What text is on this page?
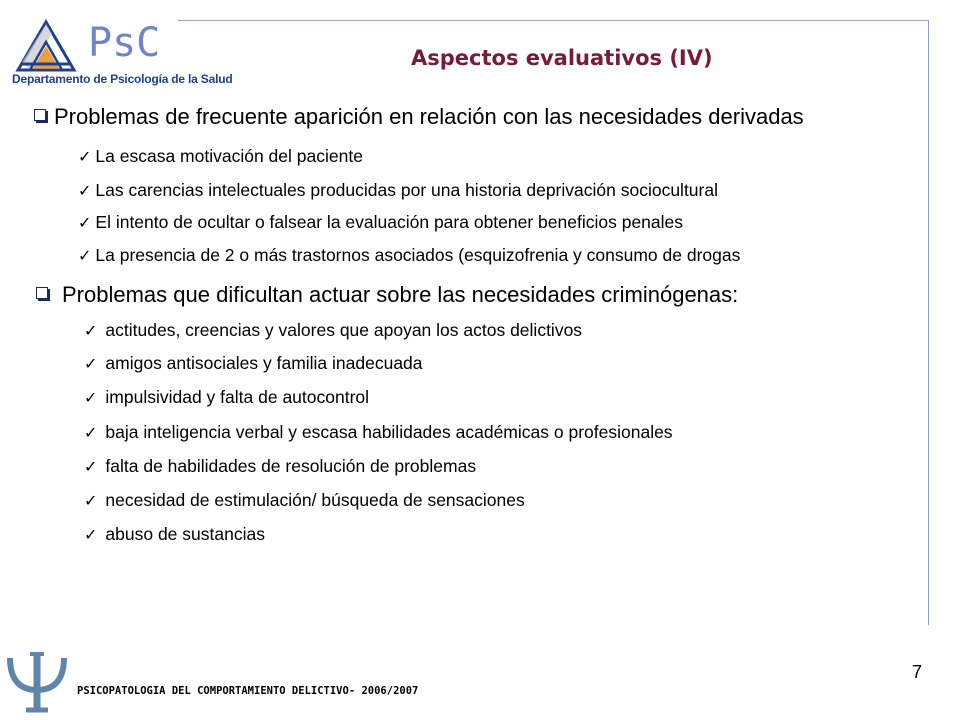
PsC
Departamento de Psicología de la Salud
Aspectos evaluativos (IV)
Problemas de frecuente aparición en relación con las necesidades derivadas
✓ La escasa motivación del paciente
✓ Las carencias intelectuales producidas por una historia deprivación sociocultural
✓ El intento de ocultar o falsear la evaluación para obtener beneficios penales
✓ La presencia de 2 o más trastornos asociados (esquizofrenia y consumo de drogas
Problemas que dificultan actuar sobre las necesidades criminógenas:
✓ actitudes, creencias y valores que apoyan los actos delictivos
✓ amigos antisociales y familia inadecuada
✓ impulsividad y falta de autocontrol
✓ baja inteligencia verbal y escasa habilidades académicas o profesionales
✓ falta de habilidades de resolución de problemas
✓ necesidad de estimulación/ búsqueda de sensaciones
✓ abuso de sustancias
PSICOPATOLOGIA DEL COMPORTAMIENTO DELICTIVO- 2006/2007
7
